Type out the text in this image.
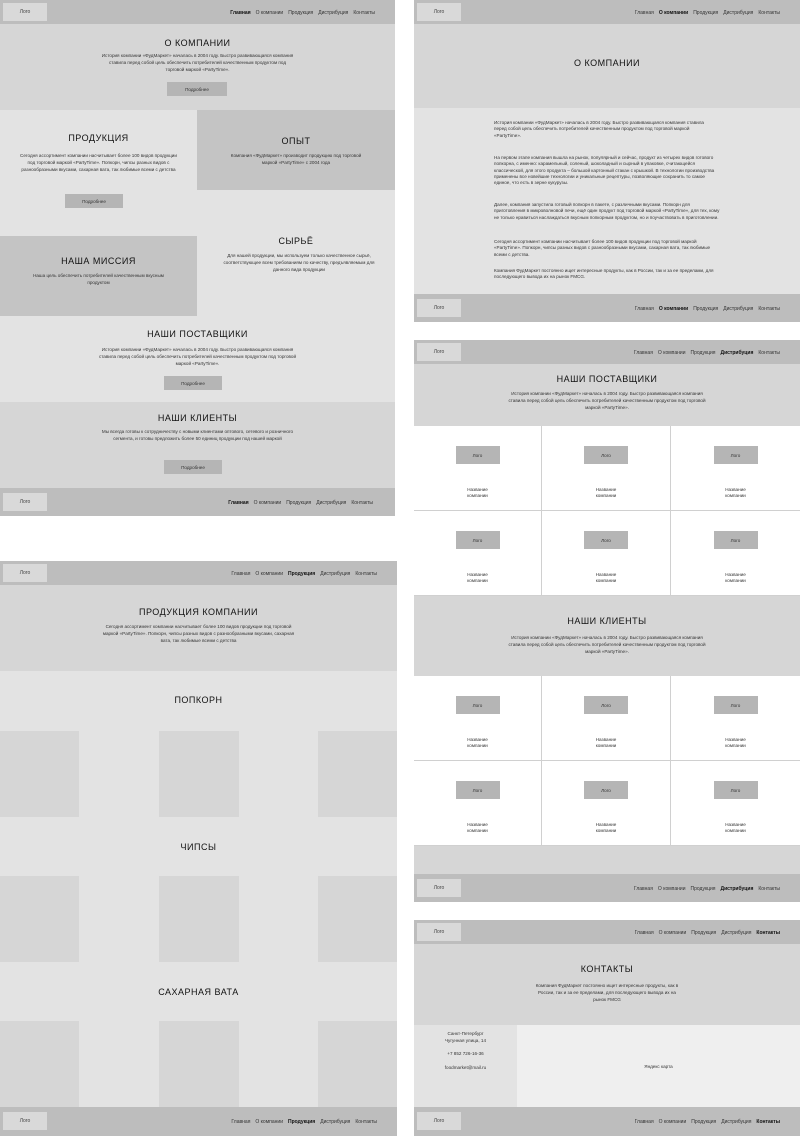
Лого	Главная О компании Продукция Дистрибуция Контакты
О КОМПАНИИ
История компании «ФудМаркет» началась в 2004 году. Быстро развивающаяся компания ставила перед собой цель обеспечить потребителей качественным продуктом под торговой маркой «PartyTime».
Подробнее
ПРОДУКЦИЯ
Сегодня ассортимент компании насчитывает более 100 видов продукции под торговой маркой «PartyTime». Попкорн, чипсы разных видов с разнообразными вкусами, сахарная вата, так любимые всеми с детства
Подробнее
ОПЫТ
Компания «ФудМаркет» производит продукцию под торговой маркой «PartyTime» с 2004 года
НАША МИССИЯ
Наша цель обеспечить потребителей качественным вкусным продуктом
СЫРЬЁ
Для нашей продукции, мы используем только качественное сырьё, соответствующее всем требованиям по качеству, предъявляемым для данного вида продукции
НАШИ ПОСТАВЩИКИ
История компании «ФудМаркет» началась в 2004 году. Быстро развивающаяся компания ставила перед собой цель обеспечить потребителей качественным продуктом под торговой маркой «PartyTime».
Подробнее
НАШИ КЛИЕНТЫ
Мы всегда готовы к сотрудничеству с новыми клиентами оптового, сетевого и розничного сегмента, и готовы предложить более 50 единиц продукции под нашей маркой
Подробнее
Лого	Главная О компании Продукция Дистрибуция Контакты
Лого	Главная О компании Продукция Дистрибуция Контакты
О КОМПАНИИ
История компании «ФудМаркет» началась в 2004 году. Быстро развивающаяся компания ставила перед собой цель обеспечить потребителей качественным продуктом под торговой маркой «PartyTime».
На первом этапе компания вышла на рынок, популярный и сейчас, продукт из четырех видов готового попкорна, с именно: карамельный, соленый, шоколадный и сырный в упаковке, считающейся классической, для этого продукта – большой картонный стакан с крышкой. В технологии производства применены все новейшие технологии и уникальные рецептуры, позволяющие сохранить то самое единое, что есть в зерне кукурузы.
Далее, компания запустила готовый попкорн в пакете, с различными вкусами. Попкорн для приготовления в микроволновой печи, ещё один продукт под торговой маркой «PartyTime», для тех, кому не только нравиться наслаждаться вкусным попкорным продуктом, но и поучаствовать в приготовлении.
Сегодня ассортимент компании насчитывает более 100 видов продукции под торговой маркой «PartyTime». Попкорн, чипсы разных видов с разнообразными вкусами, сахарная вата, так любимые всеми с детства.
Компания ФудМаркет постоянно ищет интересные продукты, как в России, так и за ее пределами, для последующего вывода их на рынок FMCG.
Лого	Главная О компании Продукция Дистрибуция Контакты
Лого	Главная О компании Продукция Дистрибуция Контакты
ПРОДУКЦИЯ КОМПАНИИ
Сегодня ассортимент компании насчитывает более 100 видов продукции под торговой маркой «PartyTime». Попкорн, чипсы разных видов с разнообразными вкусами, сахарная вата, так любимые всеми с детства
ПОПКОРН
ЧИПСЫ
САХАРНАЯ ВАТА
Лого	Главная О компании Продукция Дистрибуция Контакты
Лого	Главная О компании Продукция Дистрибуция Контакты
НАШИ ПОСТАВЩИКИ
История компании «ФудМаркет» началась в 2004 году. Быстро развивающаяся компания ставила перед собой цель обеспечить потребителей качественным продуктом под торговой маркой «PartyTime».
Лого
Название компании
Лого
Название компании
Лого
Название компании
Лого
Название компании
Лого
Название компании
Лого
Название компании
НАШИ КЛИЕНТЫ
История компании «ФудМаркет» началась в 2004 году. Быстро развивающаяся компания ставила перед собой цель обеспечить потребителей качественным продуктом под торговой маркой «PartyTime».
Лого
Название компании
Лого
Название компании
Лого
Название компании
Лого
Название компании
Лого
Название компании
Лого
Название компании
Лого	Главная О компании Продукция Дистрибуция Контакты
Лого	Главная О компании Продукция Дистрибуция Контакты
КОНТАКТЫ
Компания ФудМаркет постоянно ищет интересные продукты, как в России, так и за ее пределами, для последующего вывода их на рынок FMCG
Санкт-Петербург
Чугунная улица, 14
+7 852 726-16-36
foodmarket@mail.ru	Яндекс карта
Лого	Главная О компании Продукция Дистрибуция Контакты
